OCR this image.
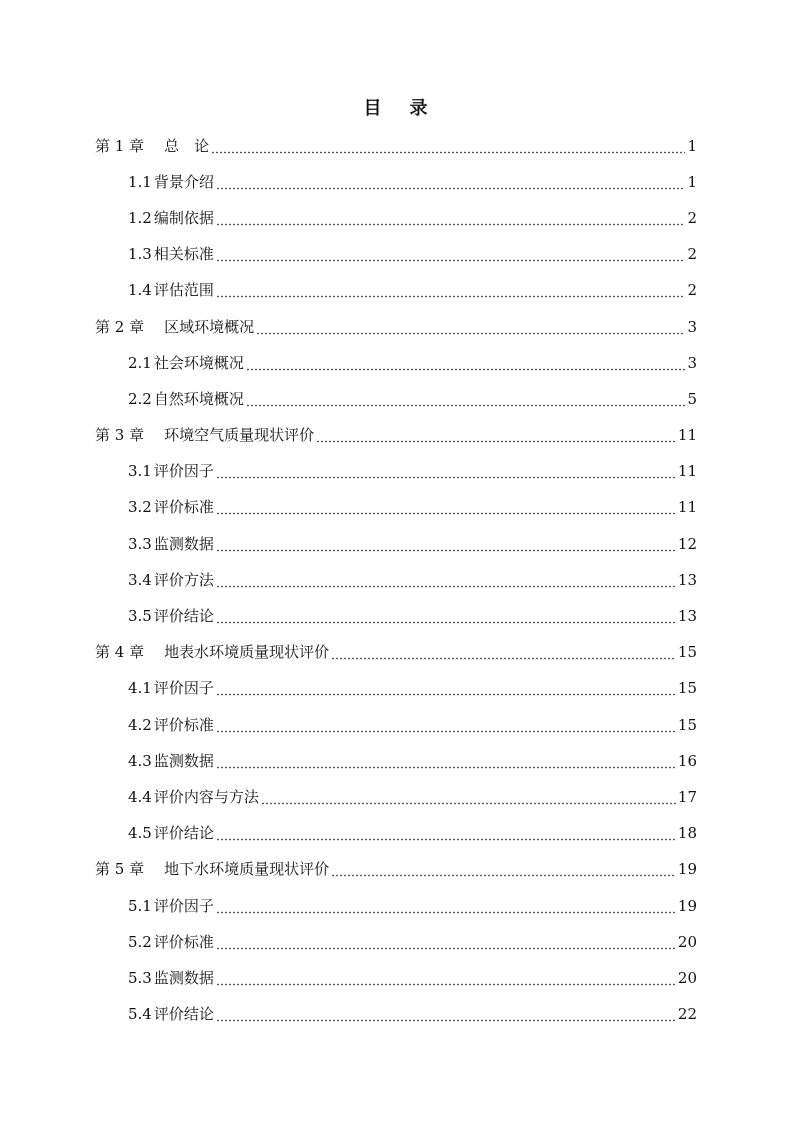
目 录
第 1 章 总　论	1
1.1 背景介绍	1
1.2 编制依据	2
1.3 相关标准	2
1.4 评估范围	2
第 2 章 区域环境概况	3
2.1 社会环境概况	3
2.2 自然环境概况	5
第 3 章 环境空气质量现状评价	11
3.1 评价因子	11
3.2 评价标准	11
3.3 监测数据	12
3.4 评价方法	13
3.5 评价结论	13
第 4 章 地表水环境质量现状评价	15
4.1 评价因子	15
4.2 评价标准	15
4.3 监测数据	16
4.4 评价内容与方法	17
4.5 评价结论	18
第 5 章 地下水环境质量现状评价	19
5.1 评价因子	19
5.2 评价标准	20
5.3 监测数据	20
5.4 评价结论	22
